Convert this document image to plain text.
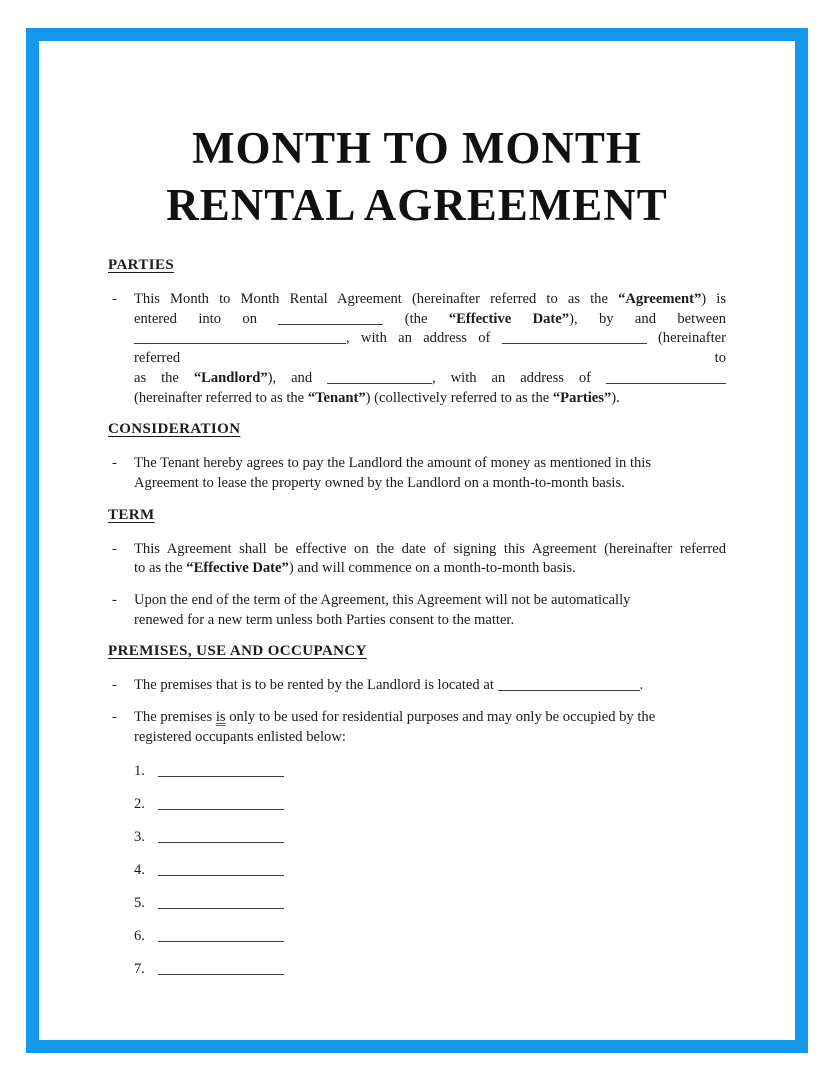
MONTH TO MONTH
RENTAL AGREEMENT
PARTIES
- This Month to Month Rental Agreement (hereinafter referred to as the “Agreement”) is
entered into on	(the “Effective Date”), by and between
, with an address of	(hereinafter referred to
as the “Landlord”), and	, with an address of
(hereinafter referred to as the “Tenant”) (collectively referred to as the “Parties”).
CONSIDERATION
- The Tenant hereby agrees to pay the Landlord the amount of money as mentioned in this
Agreement to lease the property owned by the Landlord on a month-to-month basis.
TERM
- This Agreement shall be effective on the date of signing this Agreement (hereinafter referred
to as the “Effective Date”) and will commence on a month-to-month basis.
- Upon the end of the term of the Agreement, this Agreement will not be automatically
renewed for a new term unless both Parties consent to the matter.
PREMISES, USE AND OCCUPANCY
- The premises that is to be rented by the Landlord is located at	.
- The premises is only to be used for residential purposes and may only be occupied by the
registered occupants enlisted below:
1.
2.
3.
4.
5.
6.
7.
